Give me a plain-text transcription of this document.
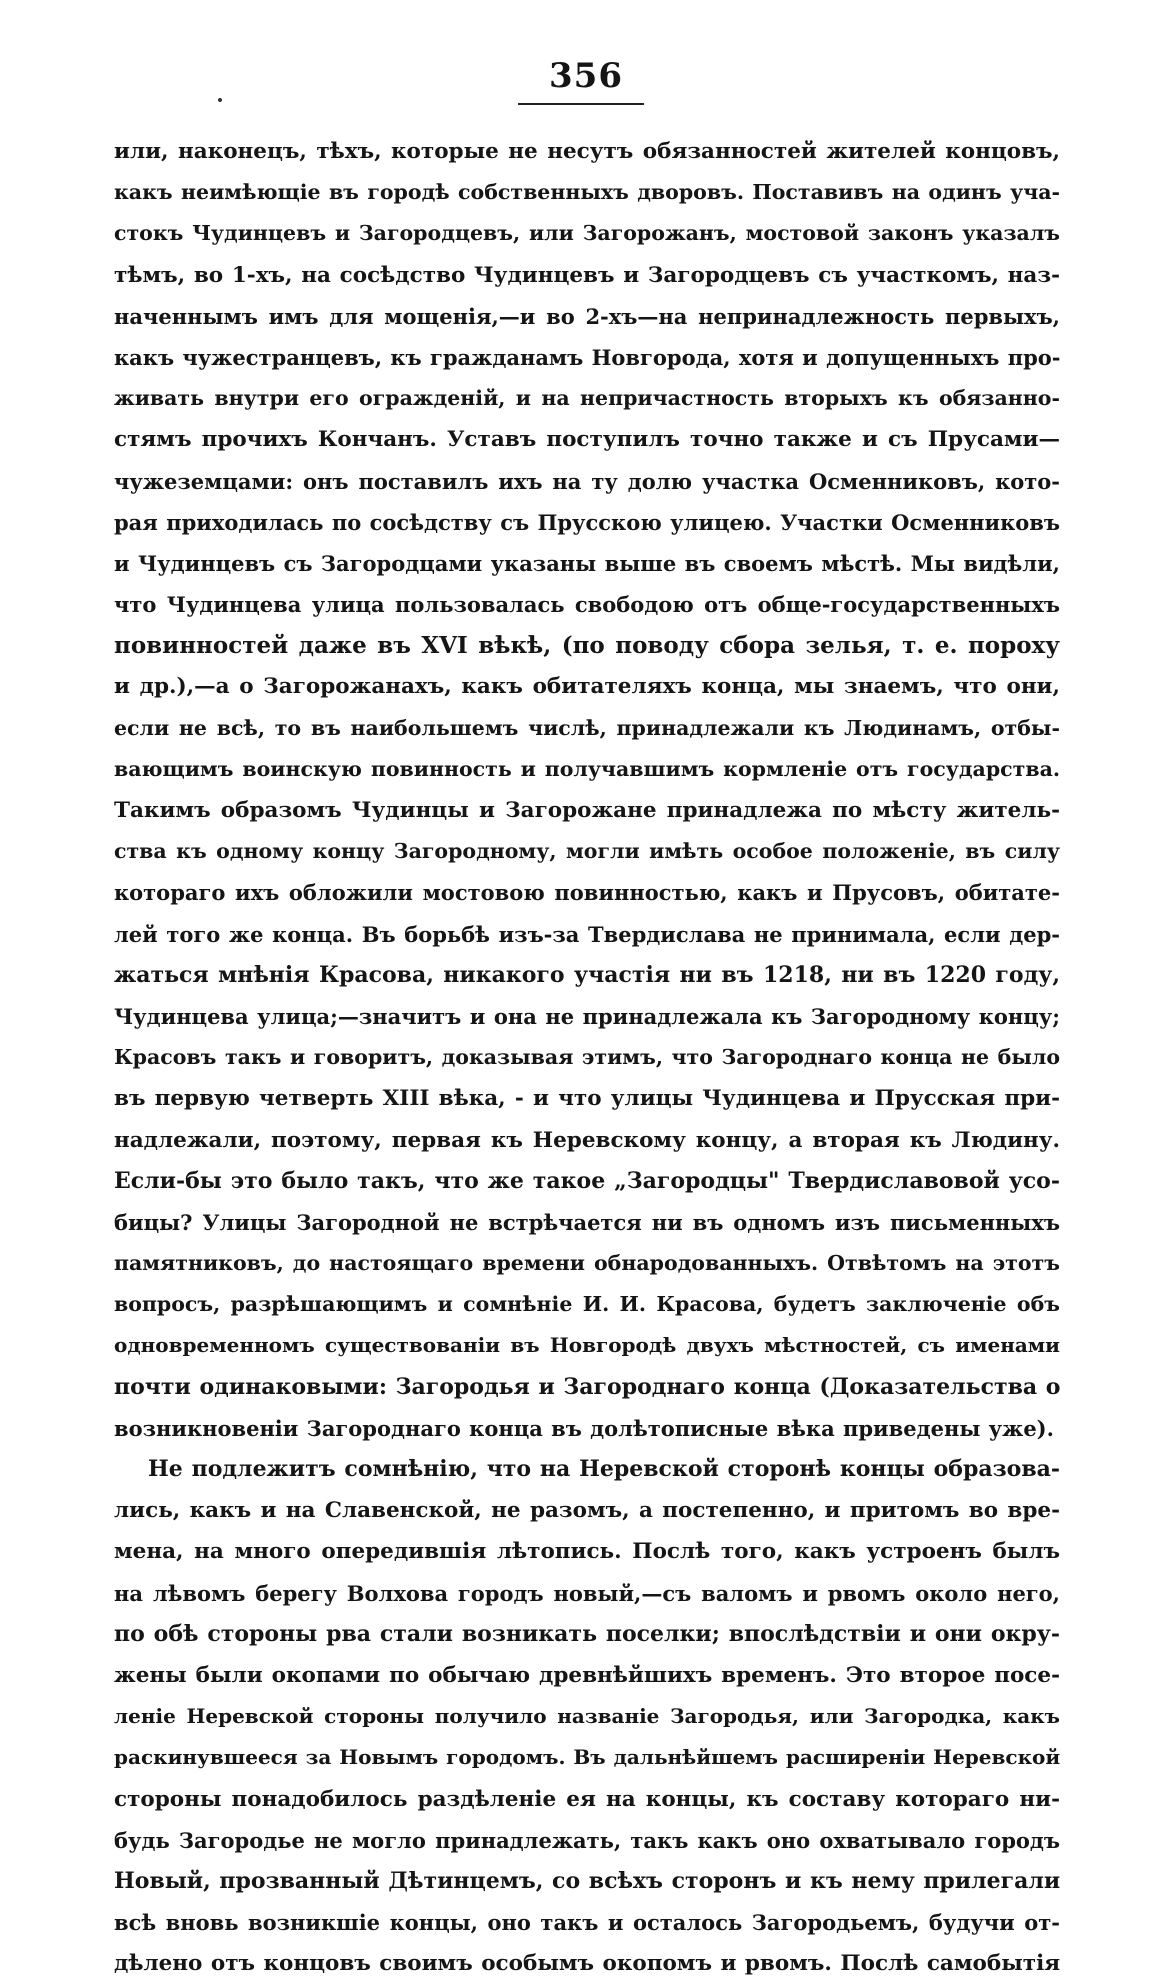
356
или, наконецъ, тѣхъ, которые не несутъ обязанностей жителей концовъ,
какъ неимѣющіе въ городѣ собственныхъ дворовъ. Поставивъ на одинъ уча-
стокъ Чудинцевъ и Загородцевъ, или Загорожанъ, мостовой законъ указалъ
тѣмъ, во 1-хъ, на сосѣдство Чудинцевъ и Загородцевъ съ участкомъ, наз-
наченнымъ имъ для мощенія,—и во 2-хъ—на непринадлежность первыхъ,
какъ чужестранцевъ, къ гражданамъ Новгорода, хотя и допущенныхъ про-
живать внутри его огражденій, и на непричастность вторыхъ къ обязанно-
стямъ прочихъ Кончанъ. Уставъ поступилъ точно также и съ Прусами—
чужеземцами: онъ поставилъ ихъ на ту долю участка Осменниковъ, кото-
рая приходилась по сосѣдству съ Прусскою улицею. Участки Осменниковъ
и Чудинцевъ съ Загородцами указаны выше въ своемъ мѣстѣ. Мы видѣли,
что Чудинцева улица пользовалась свободою отъ обще-государственныхъ
повинностей даже въ XVI вѣкѣ, (по поводу сбора зелья, т. е. пороху
и др.),—а о Загорожанахъ, какъ обитателяхъ конца, мы знаемъ, что они,
если не всѣ, то въ наибольшемъ числѣ, принадлежали къ Людинамъ, отбы-
вающимъ воинскую повинность и получавшимъ кормленіе отъ государства.
Такимъ образомъ Чудинцы и Загорожане принадлежа по мѣсту житель-
ства къ одному концу Загородному, могли имѣть особое положеніе, въ силу
котораго ихъ обложили мостовою повинностью, какъ и Прусовъ, обитате-
лей того же конца. Въ борьбѣ изъ-за Твердислава не принимала, если дер-
жаться мнѣнія Красова, никакого участія ни въ 1218, ни въ 1220 году,
Чудинцева улица;—значитъ и она не принадлежала къ Загородному концу;
Красовъ такъ и говоритъ, доказывая этимъ, что Загороднаго конца не было
въ первую четверть XIII вѣка, - и что улицы Чудинцева и Прусская при-
надлежали, поэтому, первая къ Неревскому концу, а вторая къ Людину.
Если-бы это было такъ, что же такое „Загородцы" Твердиславовой усо-
бицы? Улицы Загородной не встрѣчается ни въ одномъ изъ письменныхъ
памятниковъ, до настоящаго времени обнародованныхъ. Отвѣтомъ на этотъ
вопросъ, разрѣшающимъ и сомнѣніе И. И. Красова, будетъ заключеніе объ
одновременномъ существованіи въ Новгородѣ двухъ мѣстностей, съ именами
почти одинаковыми: Загородья и Загороднаго конца (Доказательства о
возникновеніи Загороднаго конца въ долѣтописные вѣка приведены уже).
Не подлежитъ сомнѣнію, что на Неревской сторонѣ концы образова-
лись, какъ и на Славенской, не разомъ, а постепенно, и притомъ во вре-
мена, на много опередившія лѣтопись. Послѣ того, какъ устроенъ былъ
на лѣвомъ берегу Волхова городъ новый,—съ валомъ и рвомъ около него,
по обѣ стороны рва стали возникать поселки; впослѣдствіи и они окру-
жены были окопами по обычаю древнѣйшихъ временъ. Это второе посе-
леніе Неревской стороны получило названіе Загородья, или Загородка, какъ
раскинувшееся за Новымъ городомъ. Въ дальнѣйшемъ расширеніи Неревской
стороны понадобилось раздѣленіе ея на концы, къ составу котораго ни-
будь Загородье не могло принадлежать, такъ какъ оно охватывало городъ
Новый, прозванный Дѣтинцемъ, со всѣхъ сторонъ и къ нему прилегали
всѣ вновь возникшіе концы, оно такъ и осталось Загородьемъ, будучи от-
дѣлено отъ концовъ своимъ особымъ окопомъ и рвомъ. Послѣ самобытія
